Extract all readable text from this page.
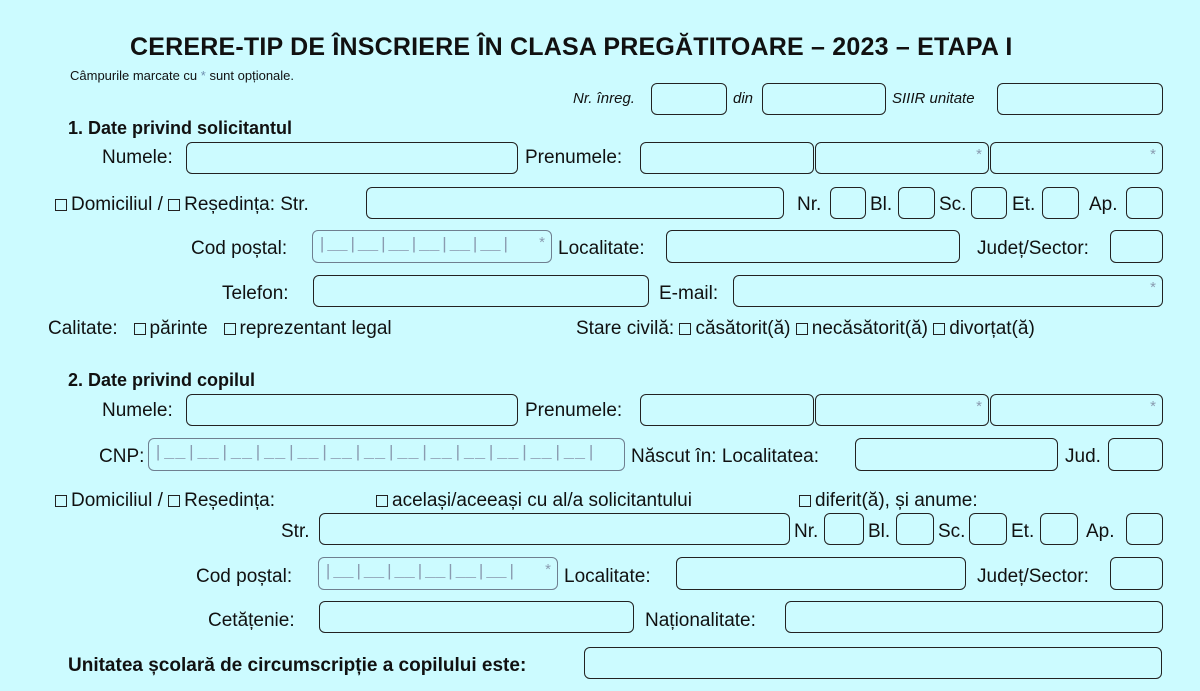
CERERE-TIP DE ÎNSCRIERE ÎN CLASA PREGĂTITOARE – 2023 – ETAPA I
Câmpurile marcate cu * sunt opționale.
Nr. înreg.	din	SIIIR unitate
1. Date privind solicitantul
Numele:	Prenumele:	*	*
Domiciliul / Reședința: Str.	Nr.	Bl. Sc. Et.	Ap.
Cod poștal: |__|__|__|__|__|__|	* Localitate:	Județ/Sector:
Telefon:	E-mail:	*
Calitate: părinte reprezentant legal	Stare civilă: căsătorit(ă) necăsătorit(ă) divorțat(ă)
2. Date privind copilul
Numele:	Prenumele:	*	*
CNP: |__|__|__|__|__|__|__|__|__|__|__|__|__|	Născut în: Localitatea:	Jud.
Domiciliul / Reședința:	același/aceeași cu al/a solicitantului	diferit(ă), și anume:
Str.	Nr.	Bl.	Sc. Et.	Ap.
Cod poștal: |__|__|__|__|__|__|	* Localitate:	Județ/Sector:
Cetățenie:	Naționalitate:
Unitatea școlară de circumscripție a copilului este:
